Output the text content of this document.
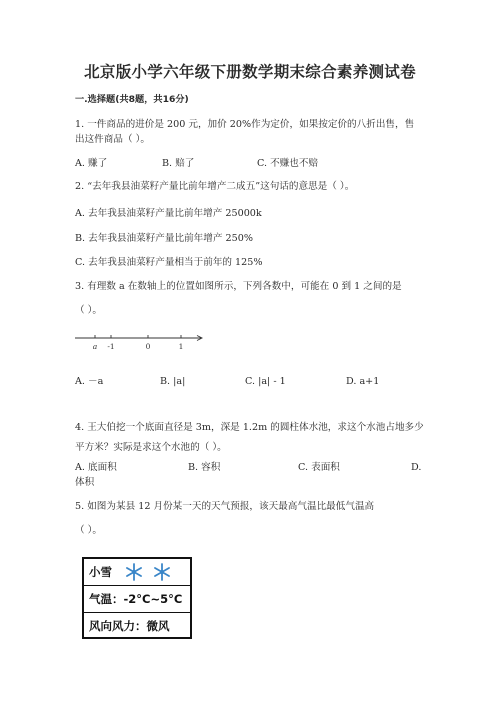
北京版小学六年级下册数学期末综合素养测试卷
一.选择题(共8题，共16分)
1. 一件商品的进价是 200 元，加价 20%作为定价，如果按定价的八折出售，售
出这件商品（ ）。
A. 赚了	B. 赔了	C. 不赚也不赔
2. “去年我县油菜籽产量比前年增产二成五”这句话的意思是（ ）。
A. 去年我县油菜籽产量比前年增产 25000k
B. 去年我县油菜籽产量比前年增产 250%
C. 去年我县油菜籽产量相当于前年的 125%
3. 有理数 a 在数轴上的位置如图所示，下列各数中，可能在 0 到 1 之间的是
（ ）。
a -1	0	1
A. －a	B. |a|	C. |a| - 1	D. a+1
4. 王大伯挖一个底面直径是 3m，深是 1.2m 的圆柱体水池，求这个水池占地多少平方米？实际是求这个水池的（ ）。
A. 底面积	B. 容积	C. 表面积	D.
体积
5. 如图为某县 12 月份某一天的天气预报，该天最高气温比最低气温高
（ ）。
小雪
气温：-2°C~5°C
风向风力：微风
